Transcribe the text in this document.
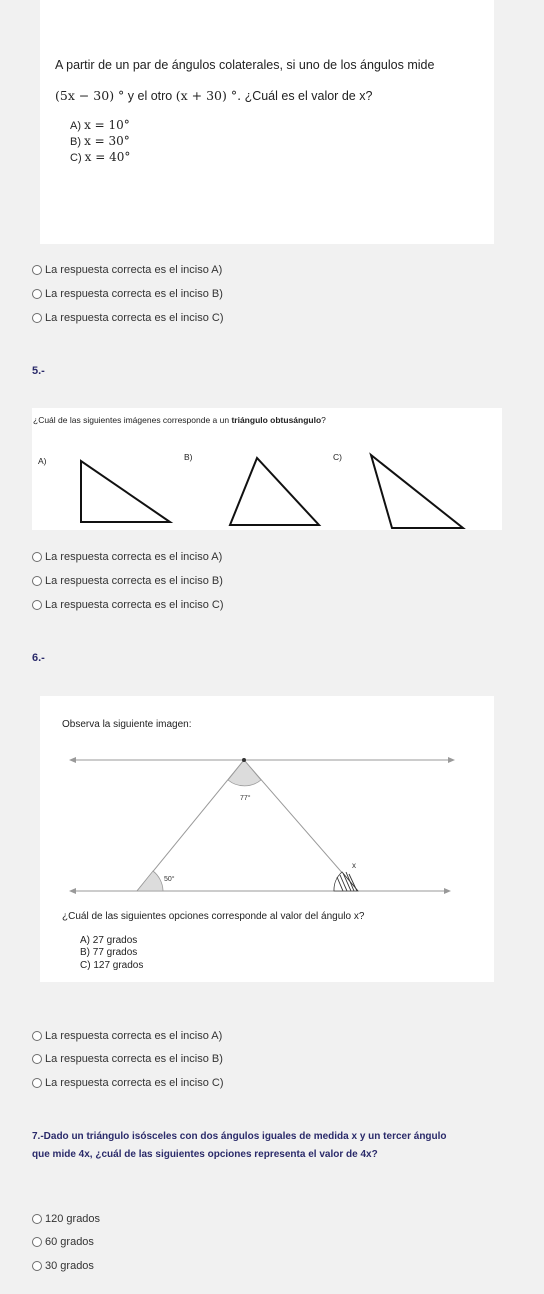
A partir de un par de ángulos colaterales, si uno de los ángulos mide
(5x − 30) ° y el otro (x + 30) °. ¿Cuál es el valor de x?
A) x = 10°
B) x = 30°
C) x = 40°
La respuesta correcta es el inciso A)
La respuesta correcta es el inciso B)
La respuesta correcta es el inciso C)
5.-
¿Cuál de las siguientes imágenes corresponde a un triángulo obtusángulo?
A)	B)	C)
La respuesta correcta es el inciso A)
La respuesta correcta es el inciso B)
La respuesta correcta es el inciso C)
6.-
Observa la siguiente imagen:
77°
50°
x
¿Cuál de las siguientes opciones corresponde al valor del ángulo x?
A) 27 grados
B) 77 grados
C) 127 grados
La respuesta correcta es el inciso A)
La respuesta correcta es el inciso B)
La respuesta correcta es el inciso C)
7.-Dado un triángulo isósceles con dos ángulos iguales de medida x y un tercer ángulo
que mide 4x, ¿cuál de las siguientes opciones representa el valor de 4x?
120 grados
60 grados
30 grados
